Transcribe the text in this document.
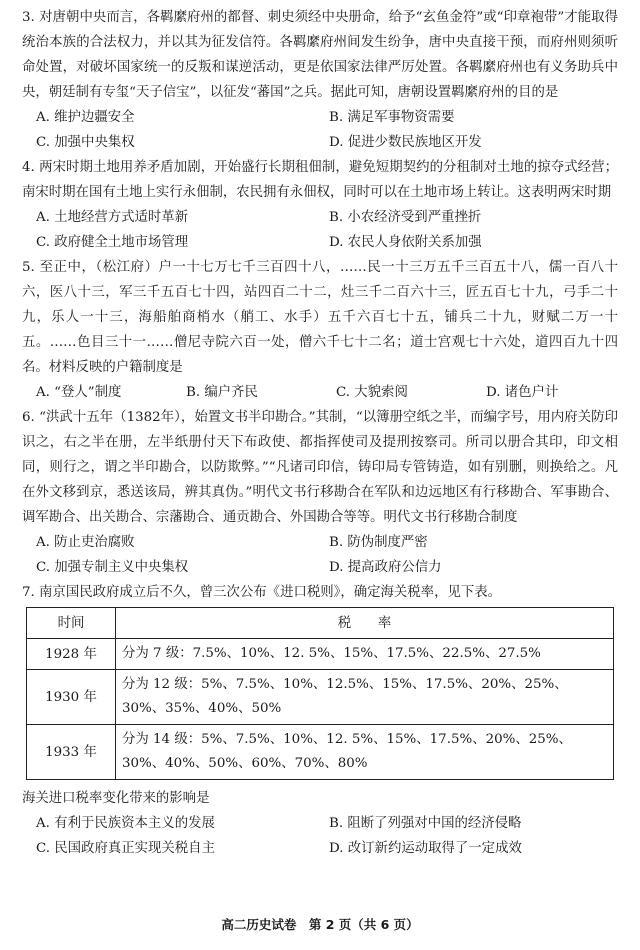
3. 对唐朝中央而言，各羁縻府州的都督、刺史须经中央册命，给予“玄鱼金符”或“印章袍带”才能取得统治本族的合法权力，并以其为征发信符。各羁縻府州间发生纷争，唐中央直接干预，而府州则须听命处置，对破坏国家统一的反叛和谋逆活动，更是依国家法律严厉处置。各羁縻府州也有义务助兵中央，朝廷制有专玺“天子信宝”，以征发“蕃国”之兵。据此可知，唐朝设置羁縻府州的目的是
A. 维护边疆安全	B. 满足军事物资需要
C. 加强中央集权	D. 促进少数民族地区开发
4. 两宋时期土地用养矛盾加剧，开始盛行长期租佃制，避免短期契约的分租制对土地的掠夺式经营；南宋时期在国有土地上实行永佃制，农民拥有永佃权，同时可以在土地市场上转让。这表明两宋时期
A. 土地经营方式适时革新	B. 小农经济受到严重挫折
C. 政府健全土地市场管理	D. 农民人身依附关系加强
5. 至正中，（松江府）户一十七万七千三百四十八，……民一十三万五千三百五十八，儒一百八十六，医八十三，军三千五百七十四，站四百二十二，灶三千二百六十三，匠五百七十九，弓手二十九，乐人一十三，海船舶商梢水（艄工、水手）五千六百七十五，铺兵二十九，财赋二万一十五。……色目三十一……僧尼寺院六百一处，僧六千七十二名；道士宫观七十六处，道四百九十四名。材料反映的户籍制度是
A. “登人”制度	B. 编户齐民	C. 大貌索阅	D. 诸色户计
6. “洪武十五年（1382年），始置文书半印勘合。”其制，“以簿册空纸之半，而编字号，用内府关防印识之，右之半在册，左半纸册付天下布政使、都指挥使司及提刑按察司。所司以册合其印，印文相同，则行之，谓之半印勘合，以防欺弊。”“凡诸司印信，铸印局专管铸造，如有别删，则换给之。凡在外文移到京，悉送该局，辨其真伪。”明代文书行移勘合在军队和边远地区有行移勘合、军事勘合、调军勘合、出关勘合、宗藩勘合、通贡勘合、外国勘合等等。明代文书行移勘合制度
A. 防止吏治腐败	B. 防伪制度严密
C. 加强专制主义中央集权	D. 提高政府公信力
7. 南京国民政府成立后不久，曾三次公布《进口税则》，确定海关税率，见下表。
时间	税　　率
1928 年	分为 7 级：7.5%、10%、12. 5%、15%、17.5%、22.5%、27.5%
1930 年	分为 12 级：5%、7.5%、10%、12.5%、15%、17.5%、20%、25%、30%、35%、40%、50%
1933 年	分为 14 级：5%、7.5%、10%、12. 5%、15%、17.5%、20%、25%、30%、40%、50%、60%、70%、80%
海关进口税率变化带来的影响是
A. 有利于民族资本主义的发展	B. 阻断了列强对中国的经济侵略
C. 民国政府真正实现关税自主	D. 改订新约运动取得了一定成效
高二历史试卷　第 2 页（共 6 页）
